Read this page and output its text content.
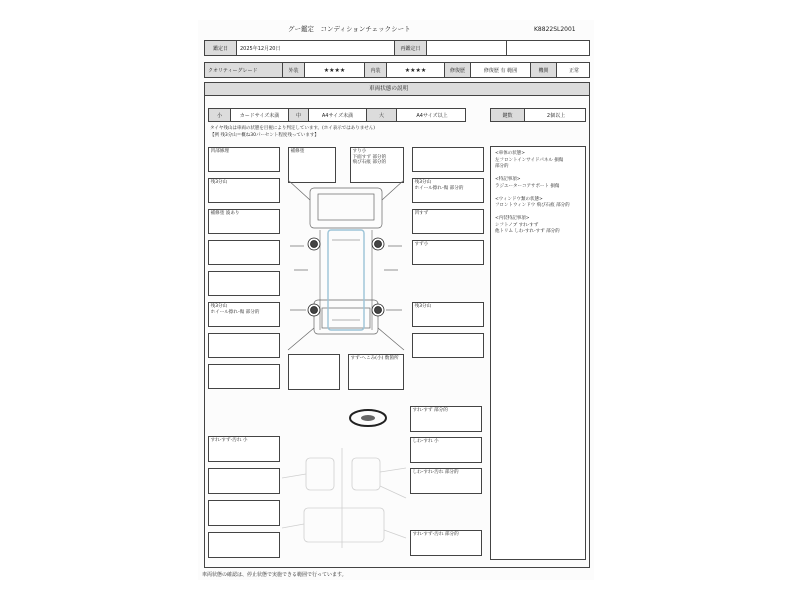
グー鑑定　コンディションチェックシート	K8822SL2001
鑑定日	2025年12月20日	再鑑定日
クオリティーグレード	外装	★★★★	内装	★★★★	修復歴	修復歴 有 範囲	機関	正常
車両状態の説明
小	カードサイズ未満	中	A4サイズ未満	大	A4サイズ以上	鍵数	2個以上
タイヤ残山は車両の状態を目視により判定しています。(ホイ表示ではありません)
【例 残3分山＝概ね30パーセント程度残っています】
<車体の状態>
左フロントインサイドパネル 損傷
部分的

<特記事項>
ラジエーターコアサポート 損傷

<ウィンドウ類の状態>
フロントウィンドウ 飛び石痕 部分的

<内装特記事項>
シフトノブ すれ-すず
他トリム しわ-すれ-すず 部分的
凹部修理
残3分山
補修塗 波あり
残3分山
ホイール擦れ-傷 部分的
補修塗	すり小
下面すず 部分的
飛び石痕 部分的
残3分山
ホイール擦れ-傷 部分的
凹すず
すず小
残3分山
すず-へこみ(小) 数箇所
すれ-すず 部分的
しわ-すれ 小
しわ-すれ-汚れ 部分的
すれ-すず-汚れ 部分的
すれ-すず-汚れ 小
車両状態の確認は、停止状態で実施できる範囲で行っています。
